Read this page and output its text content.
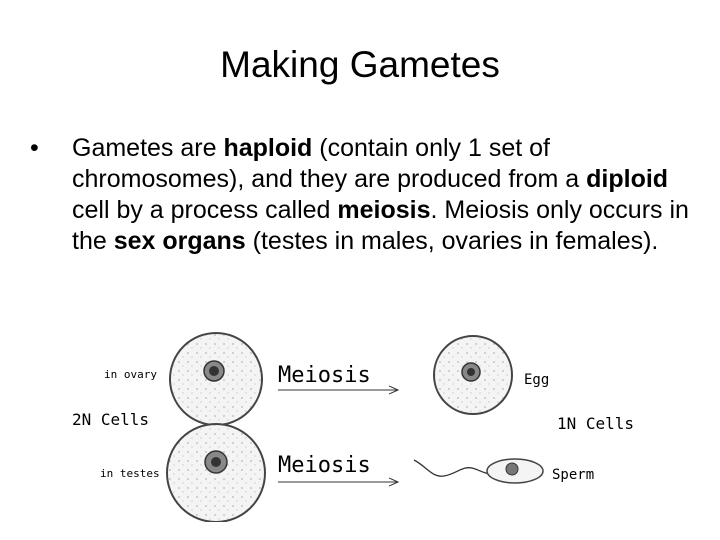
Making Gametes
• Gametes are haploid (contain only 1 set of chromosomes), and they are produced from a diploid cell by a process called meiosis. Meiosis only occurs in the sex organs (testes in males, ovaries in females).
in ovary
2N Cells
in testes
Meiosis
Meiosis
Egg
1N Cells
Sperm
